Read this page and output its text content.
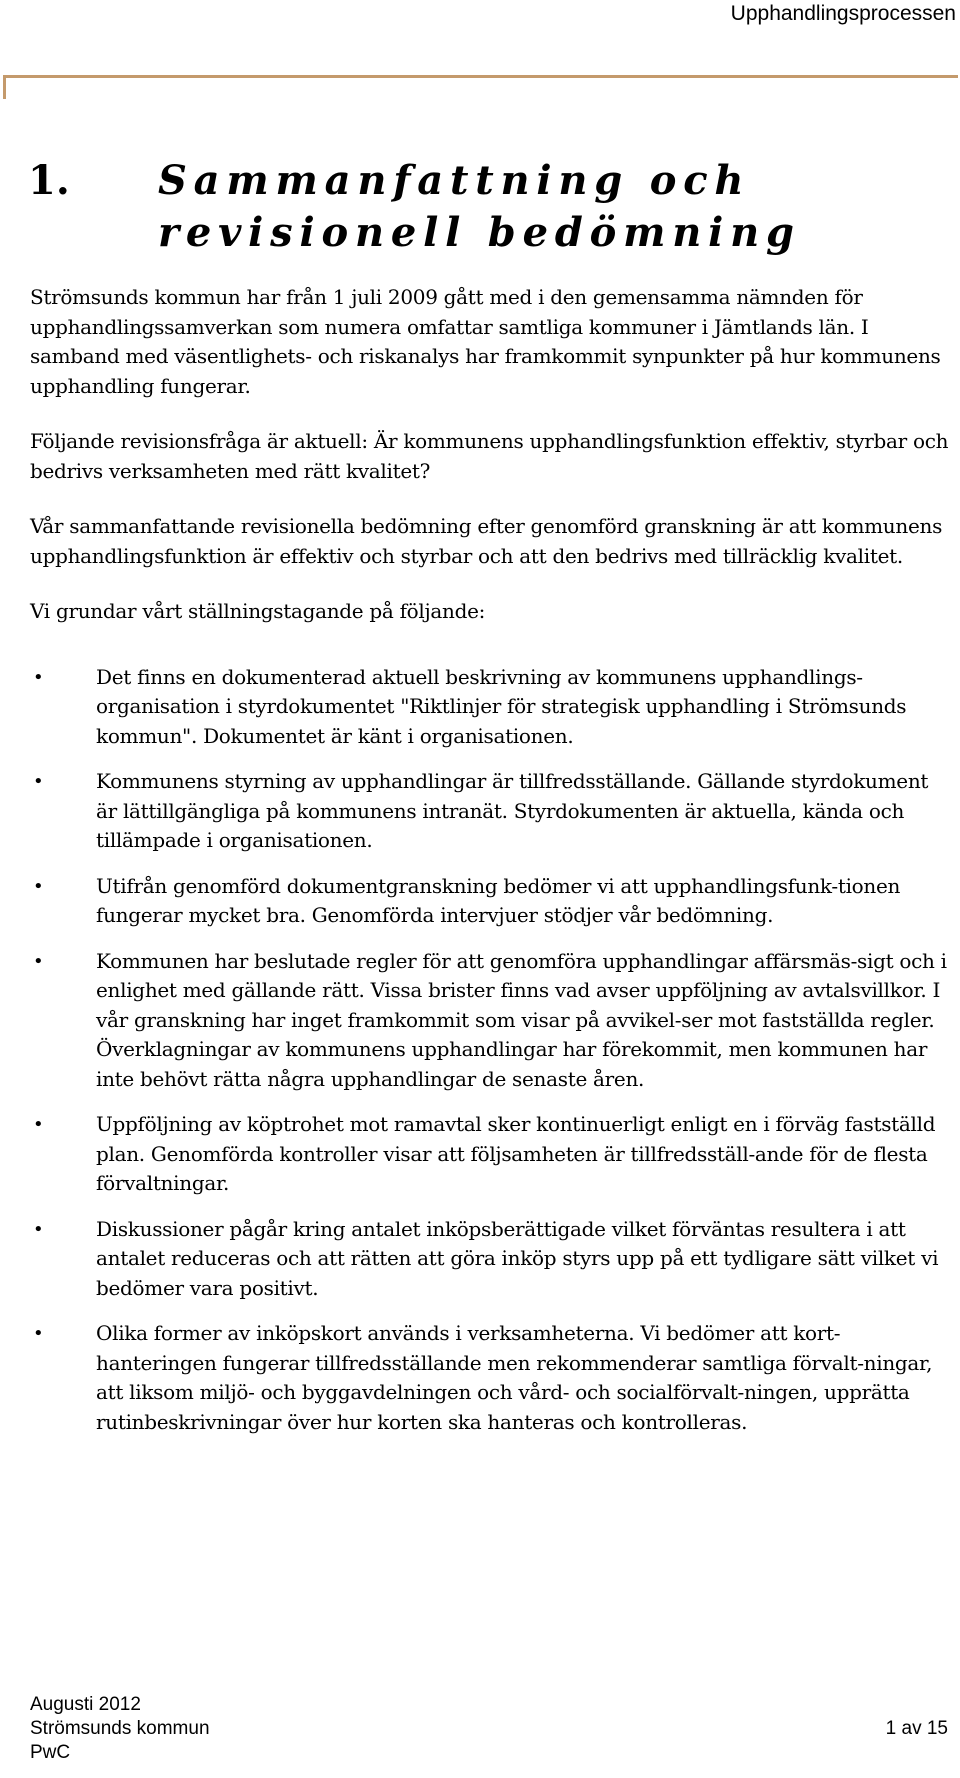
Upphandlingsprocessen
1. Sammanfattning och revisionell bedömning

Strömsunds kommun har från 1 juli 2009 gått med i den gemensamma nämnden för upphandlingssamverkan som numera omfattar samtliga kommuner i Jämtlands län. I samband med väsentlighets- och riskanalys har framkommit synpunkter på hur kommunens upphandling fungerar.

Följande revisionsfråga är aktuell: Är kommunens upphandlingsfunktion effektiv, styrbar och bedrivs verksamheten med rätt kvalitet?

Vår sammanfattande revisionella bedömning efter genomförd granskning är att kommunens upphandlingsfunktion är effektiv och styrbar och att den bedrivs med tillräcklig kvalitet.

Vi grundar vårt ställningstagande på följande:

•	Det finns en dokumenterad aktuell beskrivning av kommunens upphandlings-organisation i styrdokumentet "Riktlinjer för strategisk upphandling i Strömsunds kommun". Dokumentet är känt i organisationen.
•	Kommunens styrning av upphandlingar är tillfredsställande. Gällande styrdokument är lättillgängliga på kommunens intranät. Styrdokumenten är aktuella, kända och tillämpade i organisationen.
•	Utifrån genomförd dokumentgranskning bedömer vi att upphandlingsfunk-tionen fungerar mycket bra. Genomförda intervjuer stödjer vår bedömning.
•	Kommunen har beslutade regler för att genomföra upphandlingar affärsmäs-sigt och i enlighet med gällande rätt. Vissa brister finns vad avser uppföljning av avtalsvillkor. I vår granskning har inget framkommit som visar på avvikel-ser mot fastställda regler. Överklagningar av kommunens upphandlingar har förekommit, men kommunen har inte behövt rätta några upphandlingar de senaste åren.
•	Uppföljning av köptrohet mot ramavtal sker kontinuerligt enligt en i förväg fastställd plan. Genomförda kontroller visar att följsamheten är tillfredsställ-ande för de flesta förvaltningar.
•	Diskussioner pågår kring antalet inköpsberättigade vilket förväntas resultera i att antalet reduceras och att rätten att göra inköp styrs upp på ett tydligare sätt vilket vi bedömer vara positivt.
•	Olika former av inköpskort används i verksamheterna. Vi bedömer att kort-hanteringen fungerar tillfredsställande men rekommenderar samtliga förvalt-ningar, att liksom miljö- och byggavdelningen och vård- och socialförvalt-ningen, upprätta rutinbeskrivningar över hur korten ska hanteras och kontrolleras.
Augusti 2012
Strömsunds kommun	1 av 15
PwC
